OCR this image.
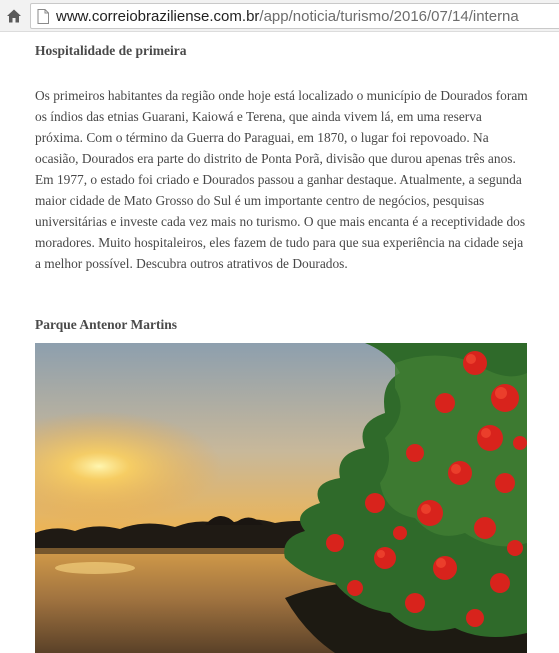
www.correiobraziliense.com.br /app/noticia/turismo/2016/07/14/interna
Hospitalidade de primeira

Os primeiros habitantes da região onde hoje está localizado o município de Dourados foram os índios das etnias Guarani, Kaiowá e Terena, que ainda vivem lá, em uma reserva próxima. Com o término da Guerra do Paraguai, em 1870, o lugar foi repovoado. Na ocasião, Dourados era parte do distrito de Ponta Porã, divisão que durou apenas três anos. Em 1977, o estado foi criado e Dourados passou a ganhar destaque. Atualmente, a segunda maior cidade de Mato Grosso do Sul é um importante centro de negócios, pesquisas universitárias e investe cada vez mais no turismo. O que mais encanta é a receptividade dos moradores. Muito hospitaleiros, eles fazem de tudo para que sua experiência na cidade seja a melhor possível. Descubra outros atrativos de Dourados.

Parque Antenor Martins
